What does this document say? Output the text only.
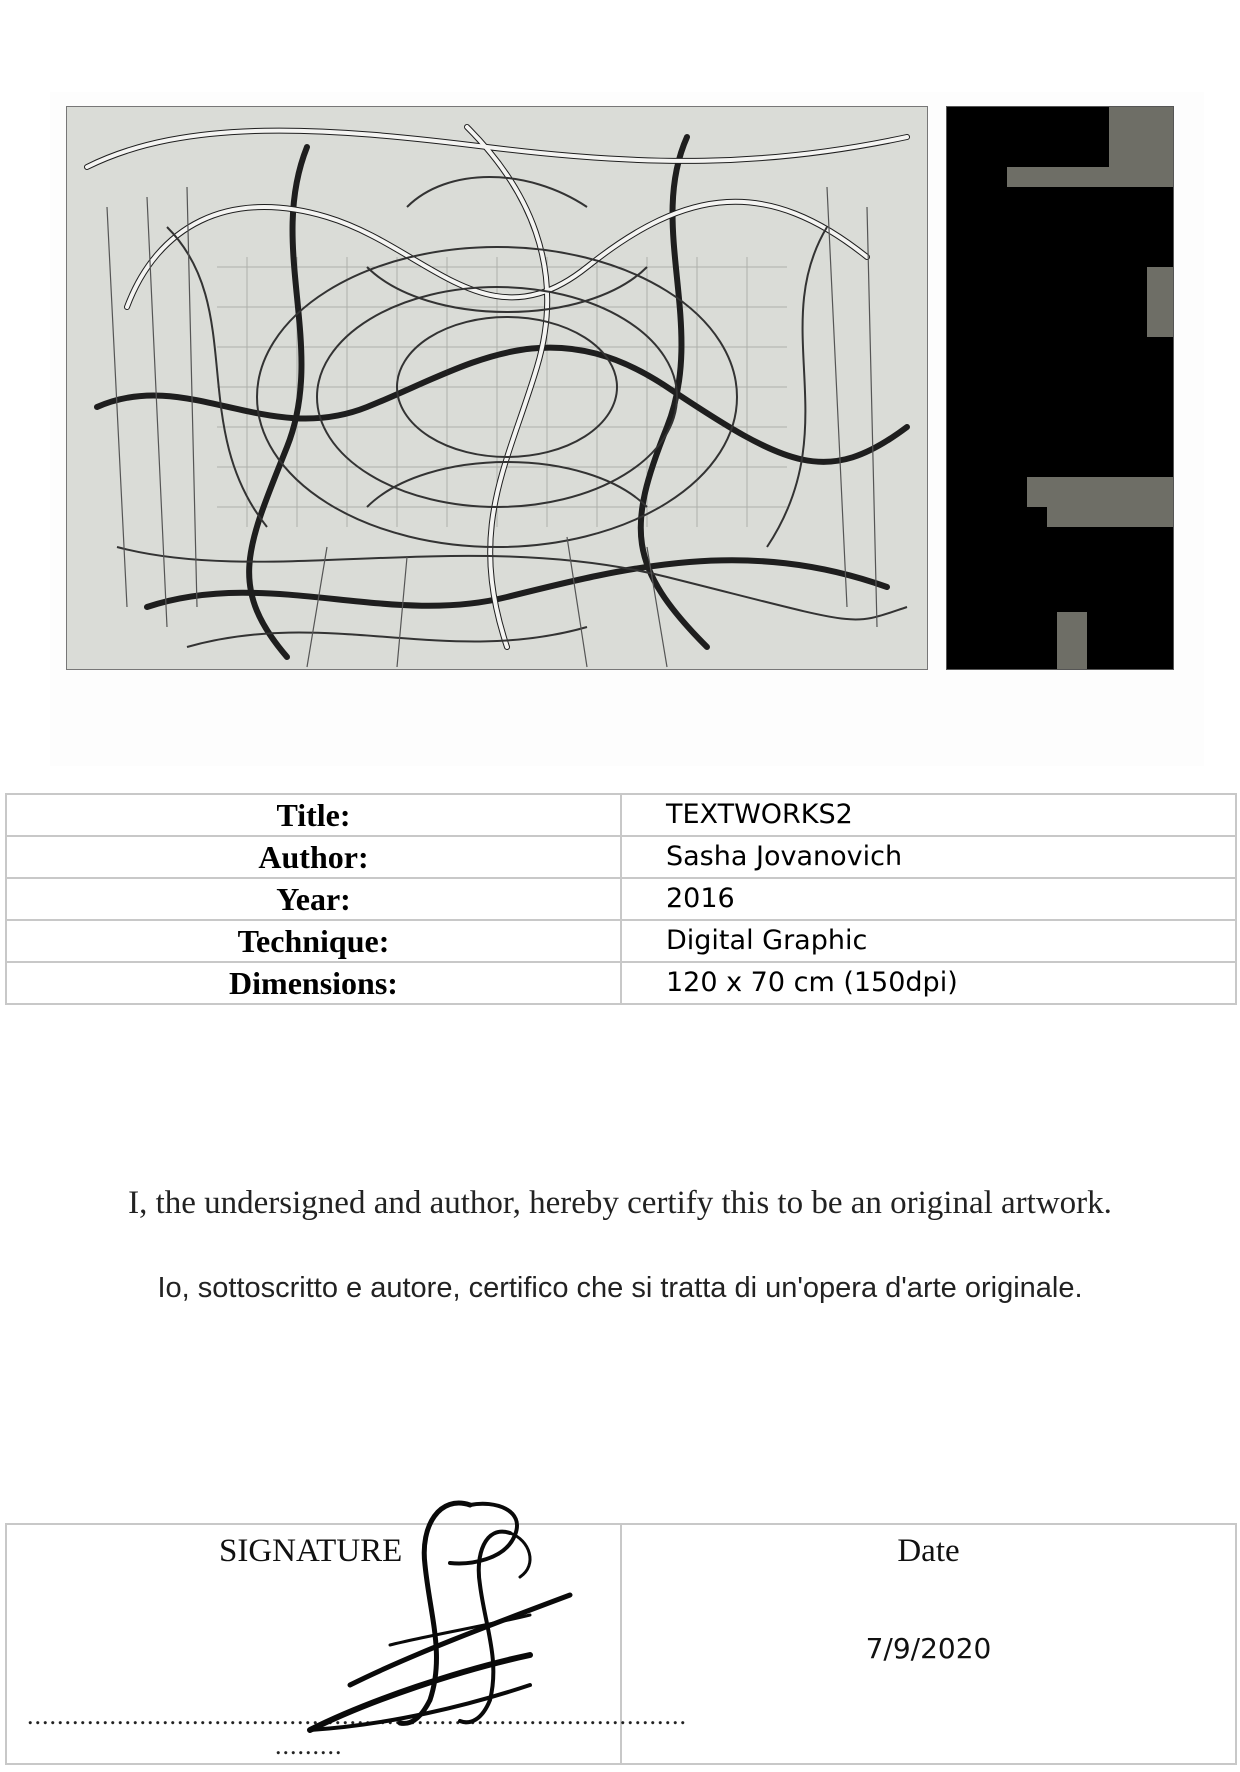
Title:	TEXTWORKS2
Author:	Sasha Jovanovich
Year:	2016
Technique:	Digital Graphic
Dimensions:	120 x 70 cm (150dpi)
I, the undersigned and author, hereby certify this to be an original artwork.
Io, sottoscritto e autore, certifico che si tratta di un'opera d'arte originale.
SIGNATURE
........................................................................................
.........

Date
7/9/2020
